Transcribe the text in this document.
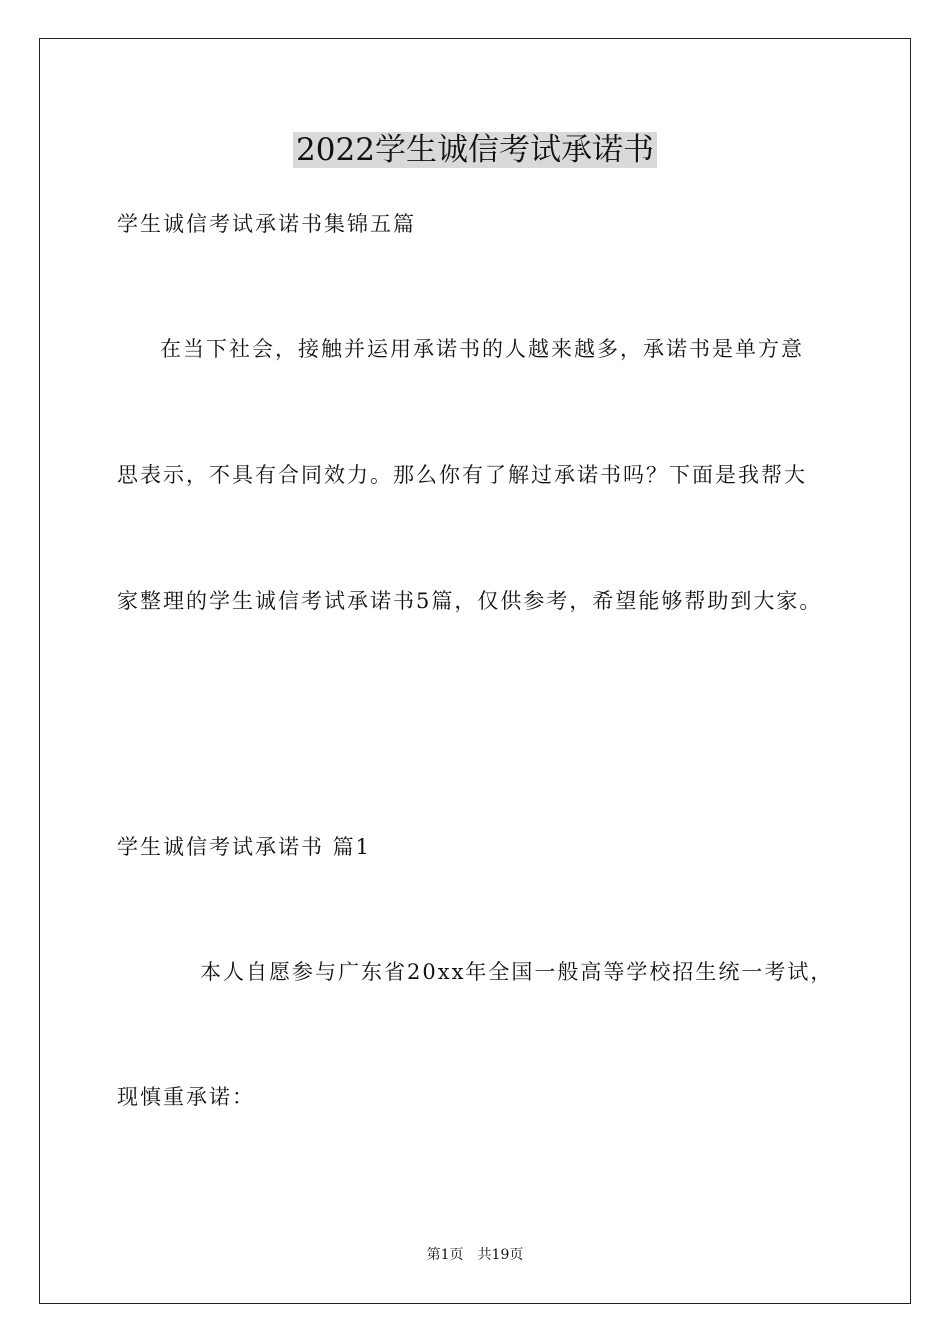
2022学生诚信考试承诺书
学生诚信考试承诺书集锦五篇
在当下社会，接触并运用承诺书的人越来越多，承诺书是单方意
思表示，不具有合同效力。那么你有了解过承诺书吗？下面是我帮大
家整理的学生诚信考试承诺书5篇，仅供参考，希望能够帮助到大家。
学生诚信考试承诺书 篇1
本人自愿参与广东省20xx年全国一般高等学校招生统一考试，
现慎重承诺：
第1页 共19页
